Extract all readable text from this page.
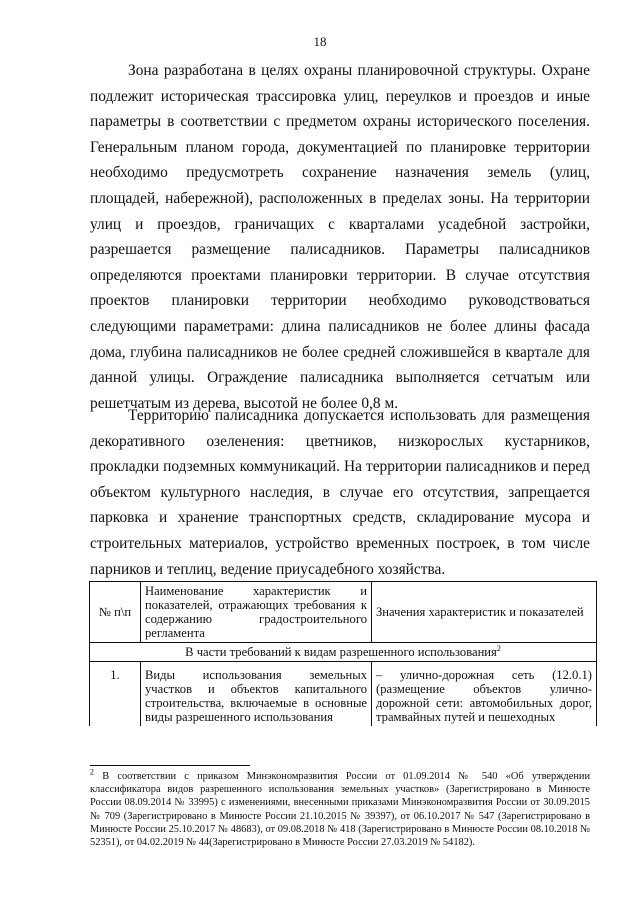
18

Зона разработана в целях охраны планировочной структуры. Охране подлежит историческая трассировка улиц, переулков и проездов и иные параметры в соответствии с предметом охраны исторического поселения. Генеральным планом города, документацией по планировке территории необходимо предусмотреть сохранение назначения земель (улиц, площадей, набережной), расположенных в пределах зоны. На территории улиц и проездов, граничащих с кварталами усадебной застройки, разрешается размещение палисадников. Параметры палисадников определяются проектами планировки территории. В случае отсутствия проектов планировки территории необходимо руководствоваться следующими параметрами: длина палисадников не более длины фасада дома, глубина палисадников не более средней сложившейся в квартале для данной улицы. Ограждение палисадника выполняется сетчатым или решетчатым из дерева, высотой не более 0,8 м.

Территорию палисадника допускается использовать для размещения декоративного озеленения: цветников, низкорослых кустарников, прокладки подземных коммуникаций. На территории палисадников и перед объектом культурного наследия, в случае его отсутствия, запрещается парковка и хранение транспортных средств, складирование мусора и строительных материалов, устройство временных построек, в том числе парников и теплиц, ведение приусадебного хозяйства.

№ п\п	Наименование характеристик и показателей, отражающих требования к содержанию градостроительного регламента	Значения характеристик и показателей
В части требований к видам разрешенного использования$^2$
1.	Виды использования земельных участков и объектов капитального строительства, включаемые в основные виды разрешенного использования	– улично-дорожная сеть (12.0.1) (размещение объектов улично-дорожной сети: автомобильных дорог, трамвайных путей и пешеходных

$^2$ В соответствии с приказом Минэкономразвития России от 01.09.2014 № 540 «Об утверждении классификатора видов разрешенного использования земельных участков» (Зарегистрировано в Минюсте России 08.09.2014 № 33995) с изменениями, внесенными приказами Минэкономразвития России от 30.09.2015 № 709 (Зарегистрировано в Минюсте России 21.10.2015 № 39397), от 06.10.2017 № 547 (Зарегистрировано в Минюсте России 25.10.2017 № 48683), от 09.08.2018 № 418 (Зарегистрировано в Минюсте России 08.10.2018 № 52351), от 04.02.2019 № 44(Зарегистрировано в Минюсте России 27.03.2019 № 54182).
